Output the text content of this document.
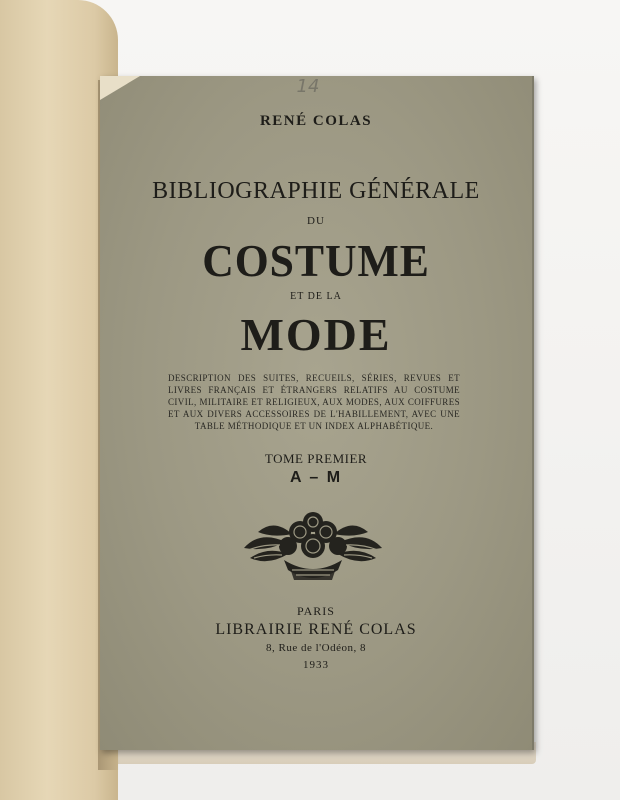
14
RENÉ COLAS
BIBLIOGRAPHIE GÉNÉRALE
DU
COSTUME
ET DE LA
MODE
DESCRIPTION DES SUITES, RECUEILS, SÉRIES, REVUES ET LIVRES FRANÇAIS ET ÉTRANGERS RELATIFS AU COSTUME CIVIL, MILITAIRE ET RELIGIEUX, AUX MODES, AUX COIFFURES ET AUX DIVERS ACCESSOIRES DE L'HABILLEMENT, AVEC UNE TABLE MÉTHODIQUE ET UN INDEX ALPHABÉTIQUE.
TOME PREMIER
A – M
PARIS
LIBRAIRIE RENÉ COLAS
8, Rue de l'Odéon, 8
1933
